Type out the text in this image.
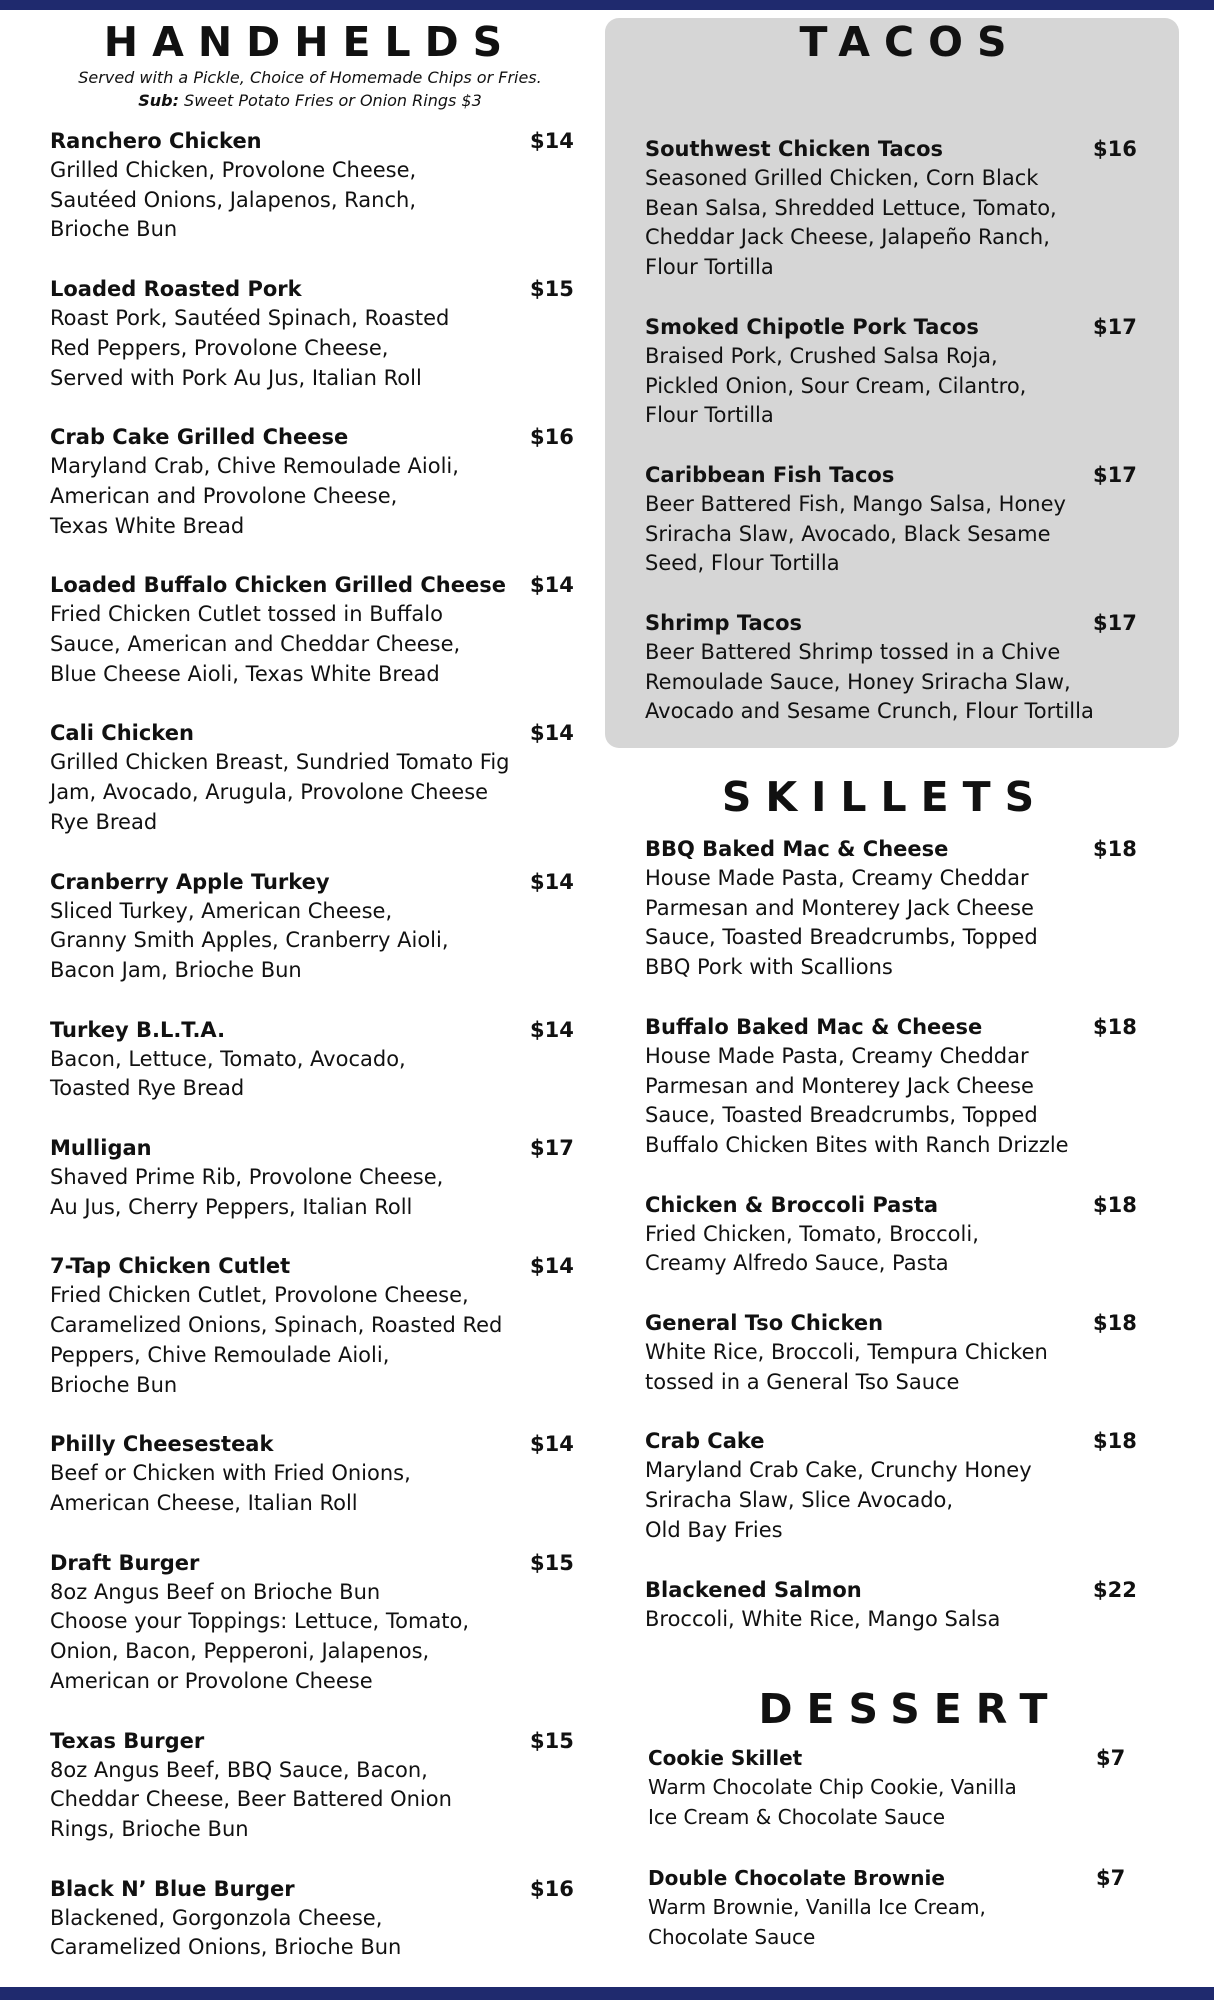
HANDHELDS
Served with a Pickle, Choice of Homemade Chips or Fries.
Sub: Sweet Potato Fries or Onion Rings $3
Ranchero Chicken	$14
Grilled Chicken, Provolone Cheese,
Sautéed Onions, Jalapenos, Ranch,
Brioche Bun
Loaded Roasted Pork	$15
Roast Pork, Sautéed Spinach, Roasted
Red Peppers, Provolone Cheese,
Served with Pork Au Jus, Italian Roll
Crab Cake Grilled Cheese	$16
Maryland Crab, Chive Remoulade Aioli,
American and Provolone Cheese,
Texas White Bread
Loaded Buffalo Chicken Grilled Cheese	$14
Fried Chicken Cutlet tossed in Buffalo
Sauce, American and Cheddar Cheese,
Blue Cheese Aioli, Texas White Bread
Cali Chicken	$14
Grilled Chicken Breast, Sundried Tomato Fig
Jam, Avocado, Arugula, Provolone Cheese
Rye Bread
Cranberry Apple Turkey	$14
Sliced Turkey, American Cheese,
Granny Smith Apples, Cranberry Aioli,
Bacon Jam, Brioche Bun
Turkey B.L.T.A.	$14
Bacon, Lettuce, Tomato, Avocado,
Toasted Rye Bread
Mulligan	$17
Shaved Prime Rib, Provolone Cheese,
Au Jus, Cherry Peppers, Italian Roll
7-Tap Chicken Cutlet	$14
Fried Chicken Cutlet, Provolone Cheese,
Caramelized Onions, Spinach, Roasted Red
Peppers, Chive Remoulade Aioli,
Brioche Bun
Philly Cheesesteak	$14
Beef or Chicken with Fried Onions,
American Cheese, Italian Roll
Draft Burger	$15
8oz Angus Beef on Brioche Bun
Choose your Toppings: Lettuce, Tomato,
Onion, Bacon, Pepperoni, Jalapenos,
American or Provolone Cheese
Texas Burger	$15
8oz Angus Beef, BBQ Sauce, Bacon,
Cheddar Cheese, Beer Battered Onion
Rings, Brioche Bun
Black N’ Blue Burger	$16
Blackened, Gorgonzola Cheese,
Caramelized Onions, Brioche Bun
TACOS
Southwest Chicken Tacos	$16
Seasoned Grilled Chicken, Corn Black
Bean Salsa, Shredded Lettuce, Tomato,
Cheddar Jack Cheese, Jalapeño Ranch,
Flour Tortilla
Smoked Chipotle Pork Tacos	$17
Braised Pork, Crushed Salsa Roja,
Pickled Onion, Sour Cream, Cilantro,
Flour Tortilla
Caribbean Fish Tacos	$17
Beer Battered Fish, Mango Salsa, Honey
Sriracha Slaw, Avocado, Black Sesame
Seed, Flour Tortilla
Shrimp Tacos	$17
Beer Battered Shrimp tossed in a Chive
Remoulade Sauce, Honey Sriracha Slaw,
Avocado and Sesame Crunch, Flour Tortilla
SKILLETS
BBQ Baked Mac & Cheese	$18
House Made Pasta, Creamy Cheddar
Parmesan and Monterey Jack Cheese
Sauce, Toasted Breadcrumbs, Topped
BBQ Pork with Scallions
Buffalo Baked Mac & Cheese	$18
House Made Pasta, Creamy Cheddar
Parmesan and Monterey Jack Cheese
Sauce, Toasted Breadcrumbs, Topped
Buffalo Chicken Bites with Ranch Drizzle
Chicken & Broccoli Pasta	$18
Fried Chicken, Tomato, Broccoli,
Creamy Alfredo Sauce, Pasta
General Tso Chicken	$18
White Rice, Broccoli, Tempura Chicken
tossed in a General Tso Sauce
Crab Cake	$18
Maryland Crab Cake, Crunchy Honey
Sriracha Slaw, Slice Avocado,
Old Bay Fries
Blackened Salmon	$22
Broccoli, White Rice, Mango Salsa
DESSERT
Cookie Skillet	$7
Warm Chocolate Chip Cookie, Vanilla
Ice Cream & Chocolate Sauce
Double Chocolate Brownie	$7
Warm Brownie, Vanilla Ice Cream,
Chocolate Sauce
